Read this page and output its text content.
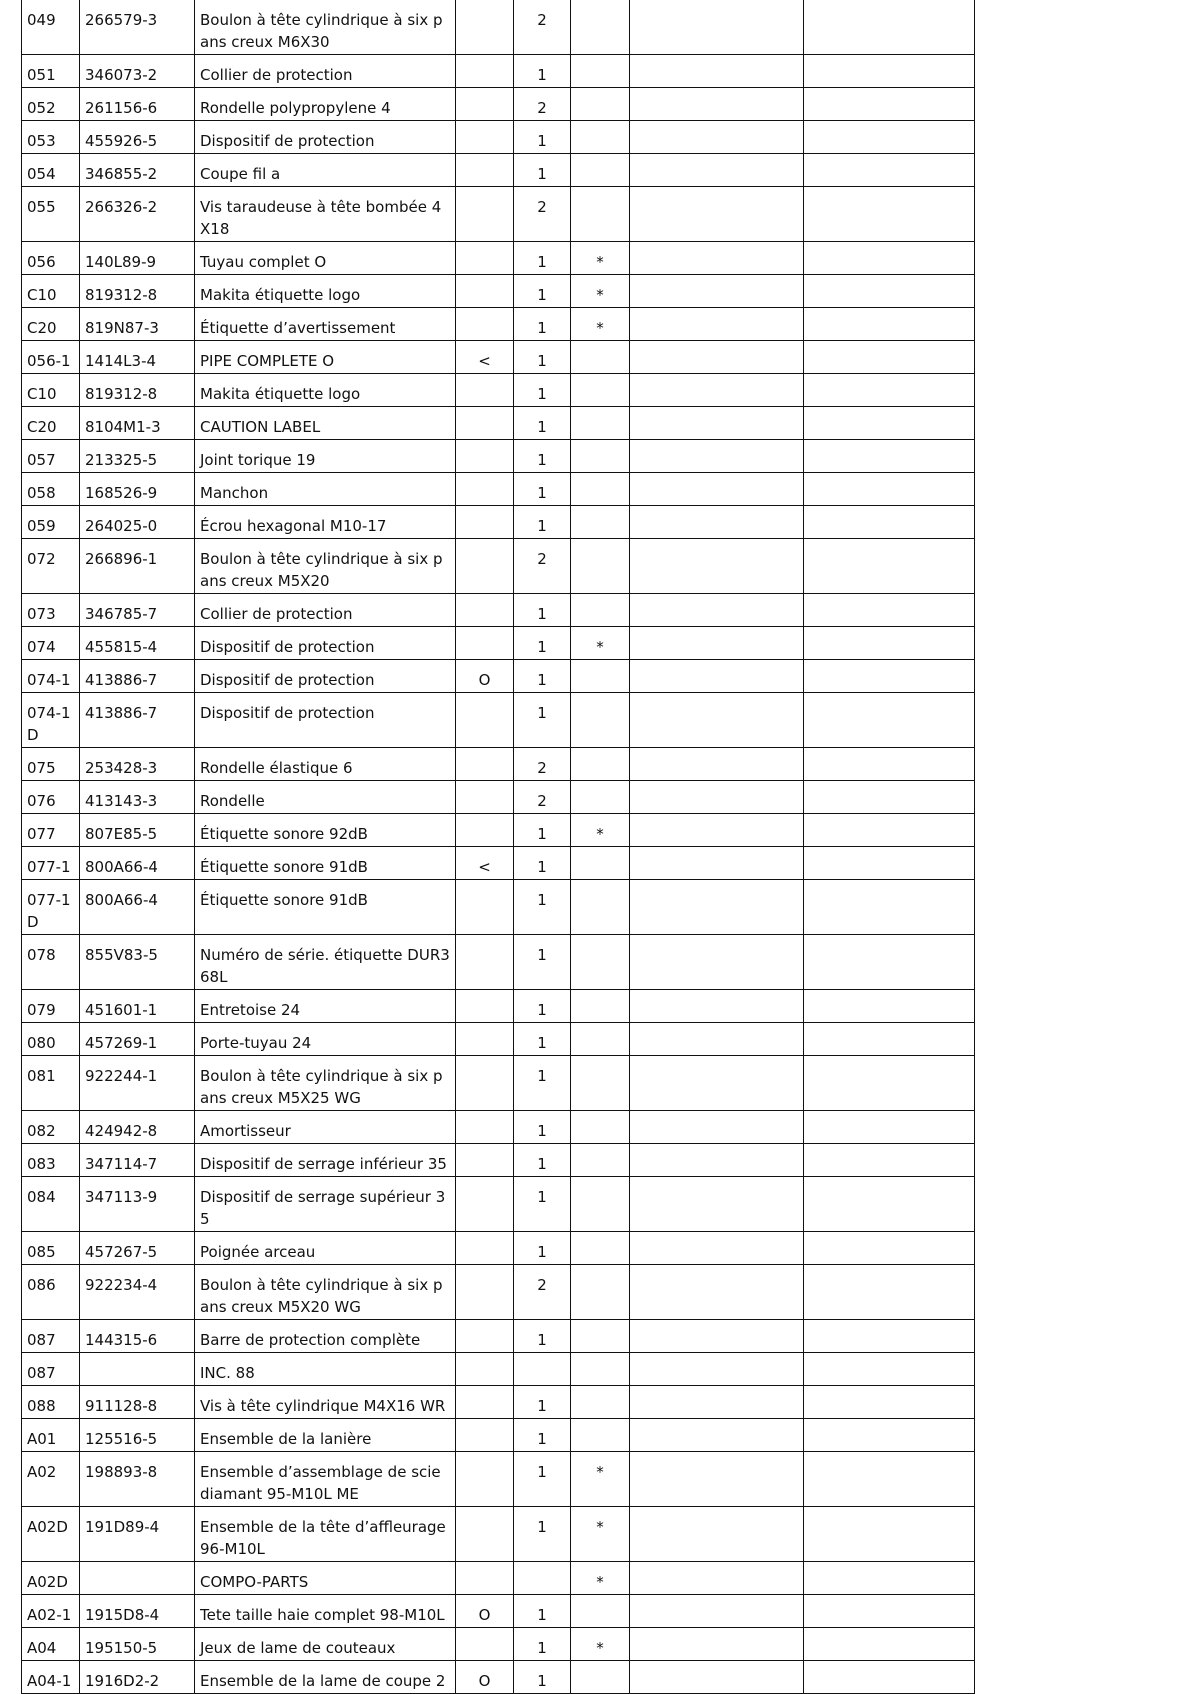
049	266579-3	Boulon à tête cylindrique à six pans creux M6X30		2			
051	346073-2	Collier de protection		1			
052	261156-6	Rondelle polypropylene 4		2			
053	455926-5	Dispositif de protection		1			
054	346855-2	Coupe fil a		1			
055	266326-2	Vis taraudeuse à tête bombée 4X18		2			
056	140L89-9	Tuyau complet O		1	*		
C10	819312-8	Makita étiquette logo		1	*		
C20	819N87-3	Étiquette d’avertissement		1	*		
056-1	1414L3-4	PIPE COMPLETE O	<	1			
C10	819312-8	Makita étiquette logo		1			
C20	8104M1-3	CAUTION LABEL		1			
057	213325-5	Joint torique 19		1			
058	168526-9	Manchon		1			
059	264025-0	Écrou hexagonal M10-17		1			
072	266896-1	Boulon à tête cylindrique à six pans creux M5X20		2			
073	346785-7	Collier de protection		1			
074	455815-4	Dispositif de protection		1	*		
074-1	413886-7	Dispositif de protection	O	1			
074-1D	413886-7	Dispositif de protection		1			
075	253428-3	Rondelle élastique 6		2			
076	413143-3	Rondelle		2			
077	807E85-5	Étiquette sonore 92dB		1	*		
077-1	800A66-4	Étiquette sonore 91dB	<	1			
077-1D	800A66-4	Étiquette sonore 91dB		1			
078	855V83-5	Numéro de série. étiquette DUR368L		1			
079	451601-1	Entretoise 24		1			
080	457269-1	Porte-tuyau 24		1			
081	922244-1	Boulon à tête cylindrique à six pans creux M5X25 WG		1			
082	424942-8	Amortisseur		1			
083	347114-7	Dispositif de serrage inférieur 35		1			
084	347113-9	Dispositif de serrage supérieur 35		1			
085	457267-5	Poignée arceau		1			
086	922234-4	Boulon à tête cylindrique à six pans creux M5X20 WG		2			
087	144315-6	Barre de protection complète		1			
087		INC. 88					
088	911128-8	Vis à tête cylindrique M4X16 WR		1			
A01	125516-5	Ensemble de la lanière		1			
A02	198893-8	Ensemble d’assemblage de scie diamant 95-M10L ME		1	*		
A02D	191D89-4	Ensemble de la tête d’affleurage 96-M10L		1	*		
A02D		COMPO-PARTS			*		
A02-1	1915D8-4	Tete taille haie complet 98-M10L	O	1			
A04	195150-5	Jeux de lame de couteaux		1	*		
A04-1	1916D2-2	Ensemble de la lame de coupe 2	O	1			
